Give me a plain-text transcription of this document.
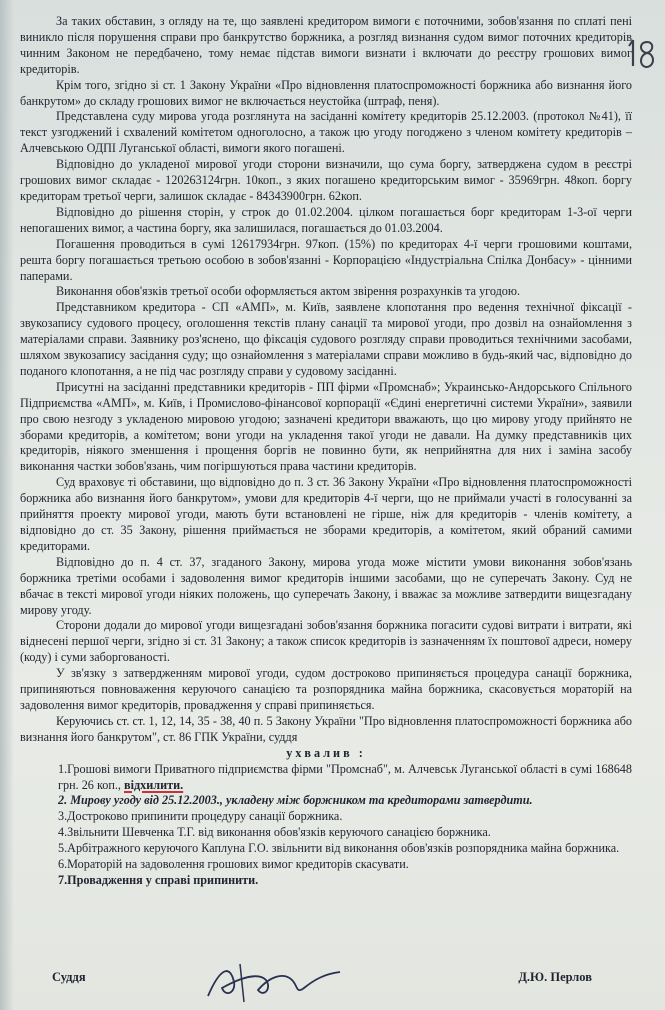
За таких обставин, з огляду на те, що заявлені кредитором вимоги є поточними, зобов'язання по сплаті пені виникло після порушення справи про банкрутство боржника, а розгляд визнання судом вимог поточних кредиторів чинним Законом не передбачено, тому немає підстав вимоги визнати і включати до реєстру грошових вимог кредиторів.

Крім того, згідно зі ст. 1 Закону України «Про відновлення платоспроможності боржника або визнання його банкрутом» до складу грошових вимог не включається неустойка (штраф, пеня).

Представлена суду мирова угода розглянута на засіданні комітету кредиторів 25.12.2003. (протокол №41), її текст узгоджений і схвалений комітетом одноголосно, а також цю угоду погоджено з членом комітету кредиторів – Алчевською ОДПІ Луганської області, вимоги якого погашені.

Відповідно до укладеної мирової угоди сторони визначили, що сума боргу, затверджена судом в реєстрі грошових вимог складає - 120263124грн. 10коп., з яких погашено кредиторським вимог - 35969грн. 48коп. боргу кредиторам третьої черги, залишок складає - 84343900грн. 62коп.

Відповідно до рішення сторін, у строк до 01.02.2004. цілком погашається борг кредиторам 1-3-ої черги непогашених вимог, а частина боргу, яка залишилася, погашається до 01.03.2004.

Погашення проводиться в сумі 12617934грн. 97коп. (15%) по кредиторах 4-ї черги грошовими коштами, решта боргу погашається третьою особою в зобов'язанні - Корпорацією «Індустріальна Спілка Донбасу» - цінними паперами.

Виконання обов'язків третьої особи оформляється актом звірення розрахунків та угодою.

Представником кредитора - СП «АМП», м. Київ, заявлене клопотання про ведення технічної фіксації - звукозапису судового процесу, оголошення текстів плану санації та мирової угоди, про дозвіл на ознайомлення з матеріалами справи. Заявнику роз'яснено, що фіксація судового розгляду справи проводиться технічними засобами, шляхом звукозапису засідання суду; що ознайомлення з матеріалами справи можливо в будь-який час, відповідно до поданого клопотання, а не під час розгляду справи у судовому засіданні.

Присутні на засіданні представники кредиторів - ПП фірми «Промснаб»; Украинсько-Андорського Спільного Підприємства «АМП», м. Київ, і Промислово-фінансової корпорації «Єдині енергетичні системи України», заявили про свою незгоду з укладеною мировою угодою; зазначені кредитори вважають, що цю мирову угоду прийнято не зборами кредиторів, а комітетом; вони угоди на укладення такої угоди не давали. На думку представників цих кредиторів, ніякого зменшення і прощення боргів не повинно бути, як неприйнятна для них і заміна засобу виконання частки зобов'язань, чим погіршуються права частини кредиторів.

Суд враховує ті обставини, що відповідно до п. 3 ст. 36 Закону України «Про відновлення платоспроможності боржника або визнання його банкрутом», умови для кредиторів 4-ї черги, що не приймали участі в голосуванні за прийняття проекту мирової угоди, мають бути встановлені не гірше, ніж для кредиторів - членів комітету, а відповідно до ст. 35 Закону, рішення приймається не зборами кредиторів, а комітетом, який обраний самими кредиторами.

Відповідно до п. 4 ст. 37, згаданого Закону, мирова угода може містити умови виконання зобов'язань боржника третіми особами і задоволення вимог кредиторів іншими засобами, що не суперечать Закону. Суд не вбачає в тексті мирової угоди ніяких положень, що суперечать Закону, і вважає за можливе затвердити вищезгадану мирову угоду.

Сторони додали до мирової угоди вищезгадані зобов'язання боржника погасити судові витрати і витрати, які віднесені першої черги, згідно зі ст. 31 Закону; а також список кредиторів із зазначенням їх поштової адреси, номеру (коду) і суми заборгованості.

У зв'язку з затвердженням мирової угоди, судом достроково припиняється процедура санації боржника, припиняються повноваження керуючого санацією та розпорядника майна боржника, скасовується мораторій на задоволення вимог кредиторів, провадження у справі припиняється.

Керуючись ст. ст. 1, 12, 14, 35 - 38, 40 п. 5 Закону України "Про відновлення платоспроможності боржника або визнання його банкрутом", ст. 86 ГПК України, суддя

ухвалив :

1.Грошові вимоги Приватного підприємства фірми "Промснаб", м. Алчевськ Луганської області в сумі 168648 грн. 26 коп., відхилити.
2. Мирову угоду від 25.12.2003., укладену між боржником та кредиторами затвердити.
3.Достроково припинити процедуру санації боржника.
4.Звільнити Шевченка Т.Г. від виконання обов'язків керуючого санацією боржника.
5.Арбітражного керуючого Каплуна Г.О. звільнити від виконання обов'язків розпорядника майна боржника.
6.Мораторій на задоволення грошових вимог кредиторів скасувати.
7.Провадження у справі припинити.
Суддя	Д.Ю. Перлов
